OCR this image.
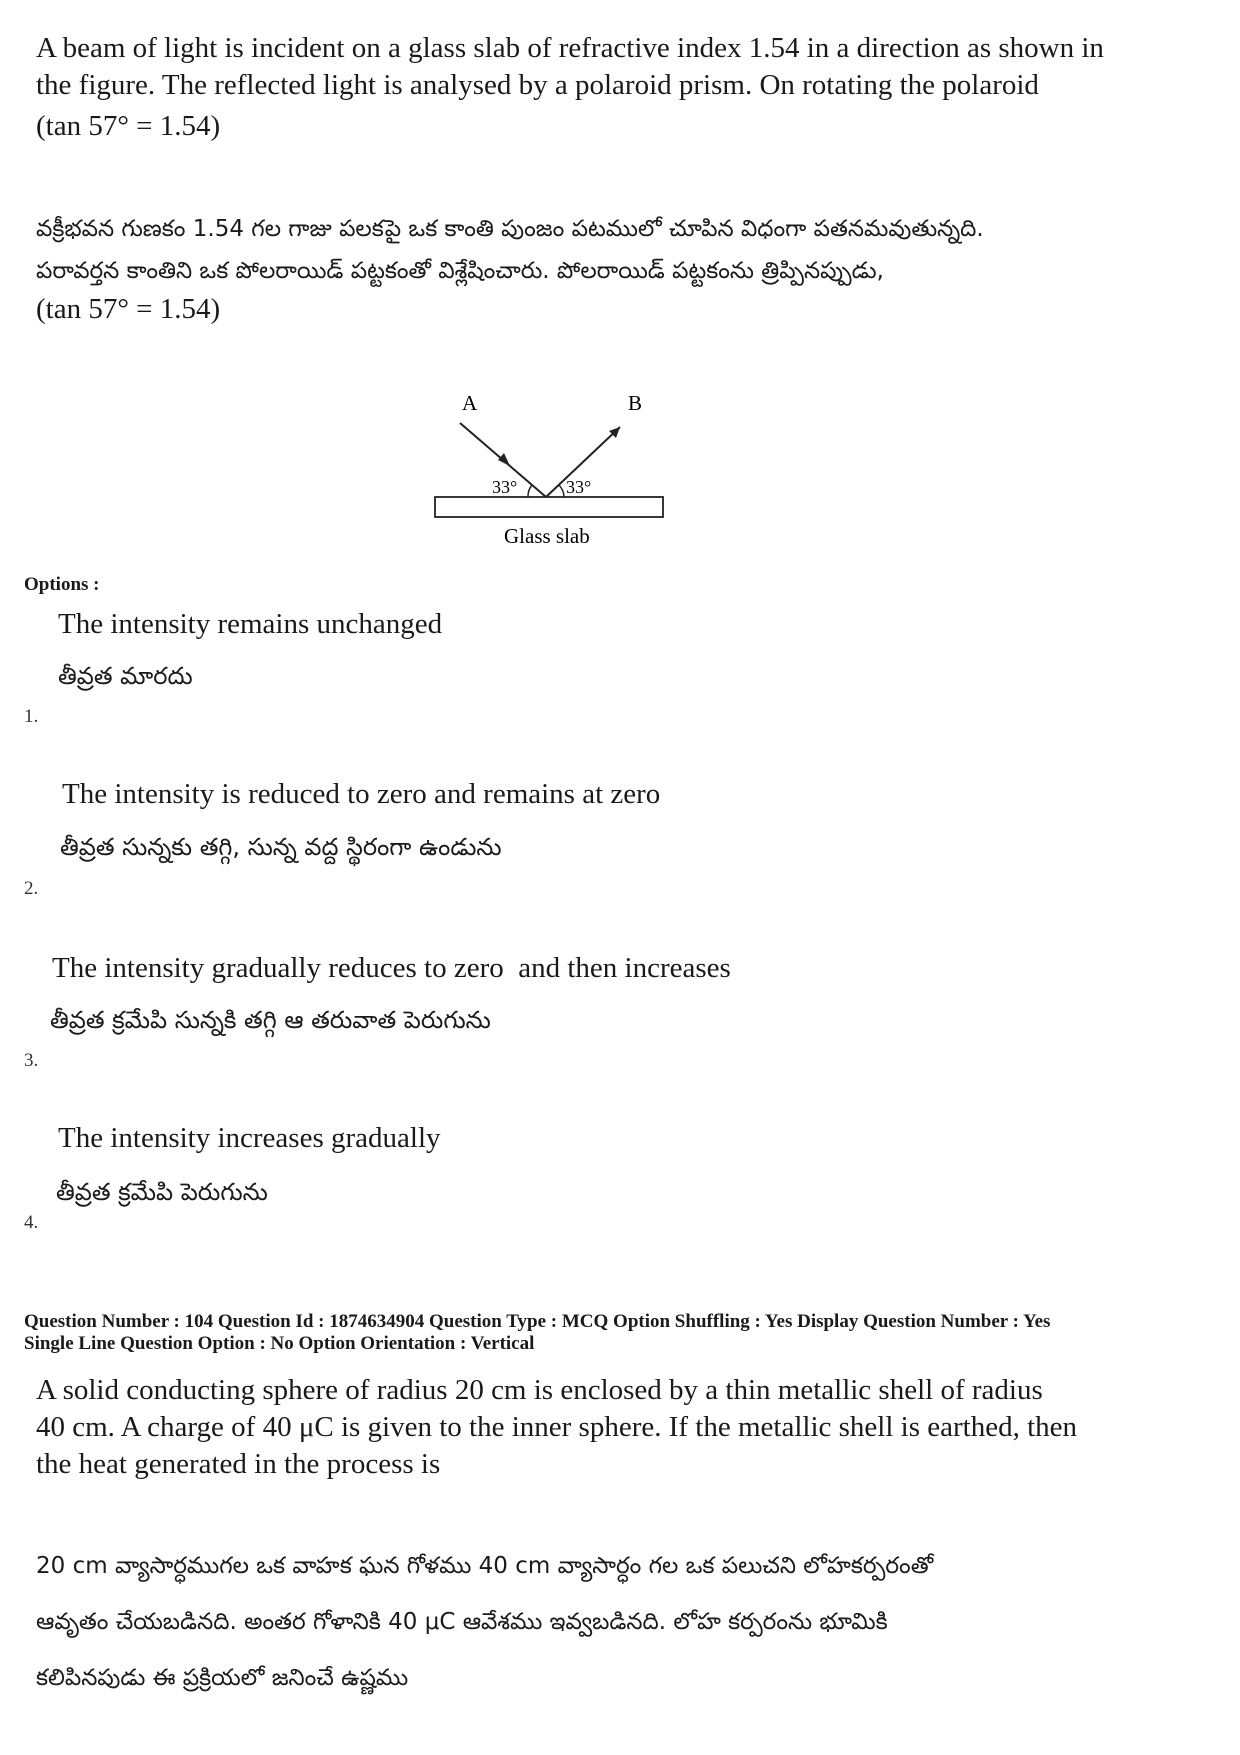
A beam of light is incident on a glass slab of refractive index 1.54 in a direction as shown in
the figure. The reflected light is analysed by a polaroid prism. On rotating the polaroid
(tan 57° = 1.54)
వక్రీభవన గుణకం 1.54 గల గాజు పలకపై ఒక కాంతి పుంజం పటములో చూపిన విధంగా పతనమవుతున్నది.
పరావర్తన కాంతిని ఒక పోలరాయిడ్ పట్టకంతో విశ్లేషించారు. పోలరాయిడ్ పట్టకంను త్రిప్పినప్పుడు,
(tan 57° = 1.54)
A	B
33°	33°
Glass slab
Options :
The intensity remains unchanged
తీవ్రత మారదు
1.
The intensity is reduced to zero and remains at zero
తీవ్రత సున్నకు తగ్గి, సున్న వద్ద స్థిరంగా ఉండును
2.
The intensity gradually reduces to zero  and then increases
తీవ్రత క్రమేపి సున్నకి తగ్గి ఆ తరువాత పెరుగును
3.
The intensity increases gradually
తీవ్రత క్రమేపి పెరుగును
4.
Question Number : 104 Question Id : 1874634904 Question Type : MCQ Option Shuffling : Yes Display Question Number : Yes
Single Line Question Option : No Option Orientation : Vertical
A solid conducting sphere of radius 20 cm is enclosed by a thin metallic shell of radius
40 cm. A charge of 40 μC is given to the inner sphere. If the metallic shell is earthed, then
the heat generated in the process is
20 cm వ్యాసార్ధముగల ఒక వాహక ఘన గోళము 40 cm వ్యాసార్ధం గల ఒక పలుచని లోహకర్పరంతో
ఆవృతం చేయబడినది. అంతర గోళానికి 40 μC ఆవేశము ఇవ్వబడినది. లోహ కర్పరంను భూమికి
కలిపినపుడు ఈ ప్రక్రియలో జనించే ఉష్ణము
